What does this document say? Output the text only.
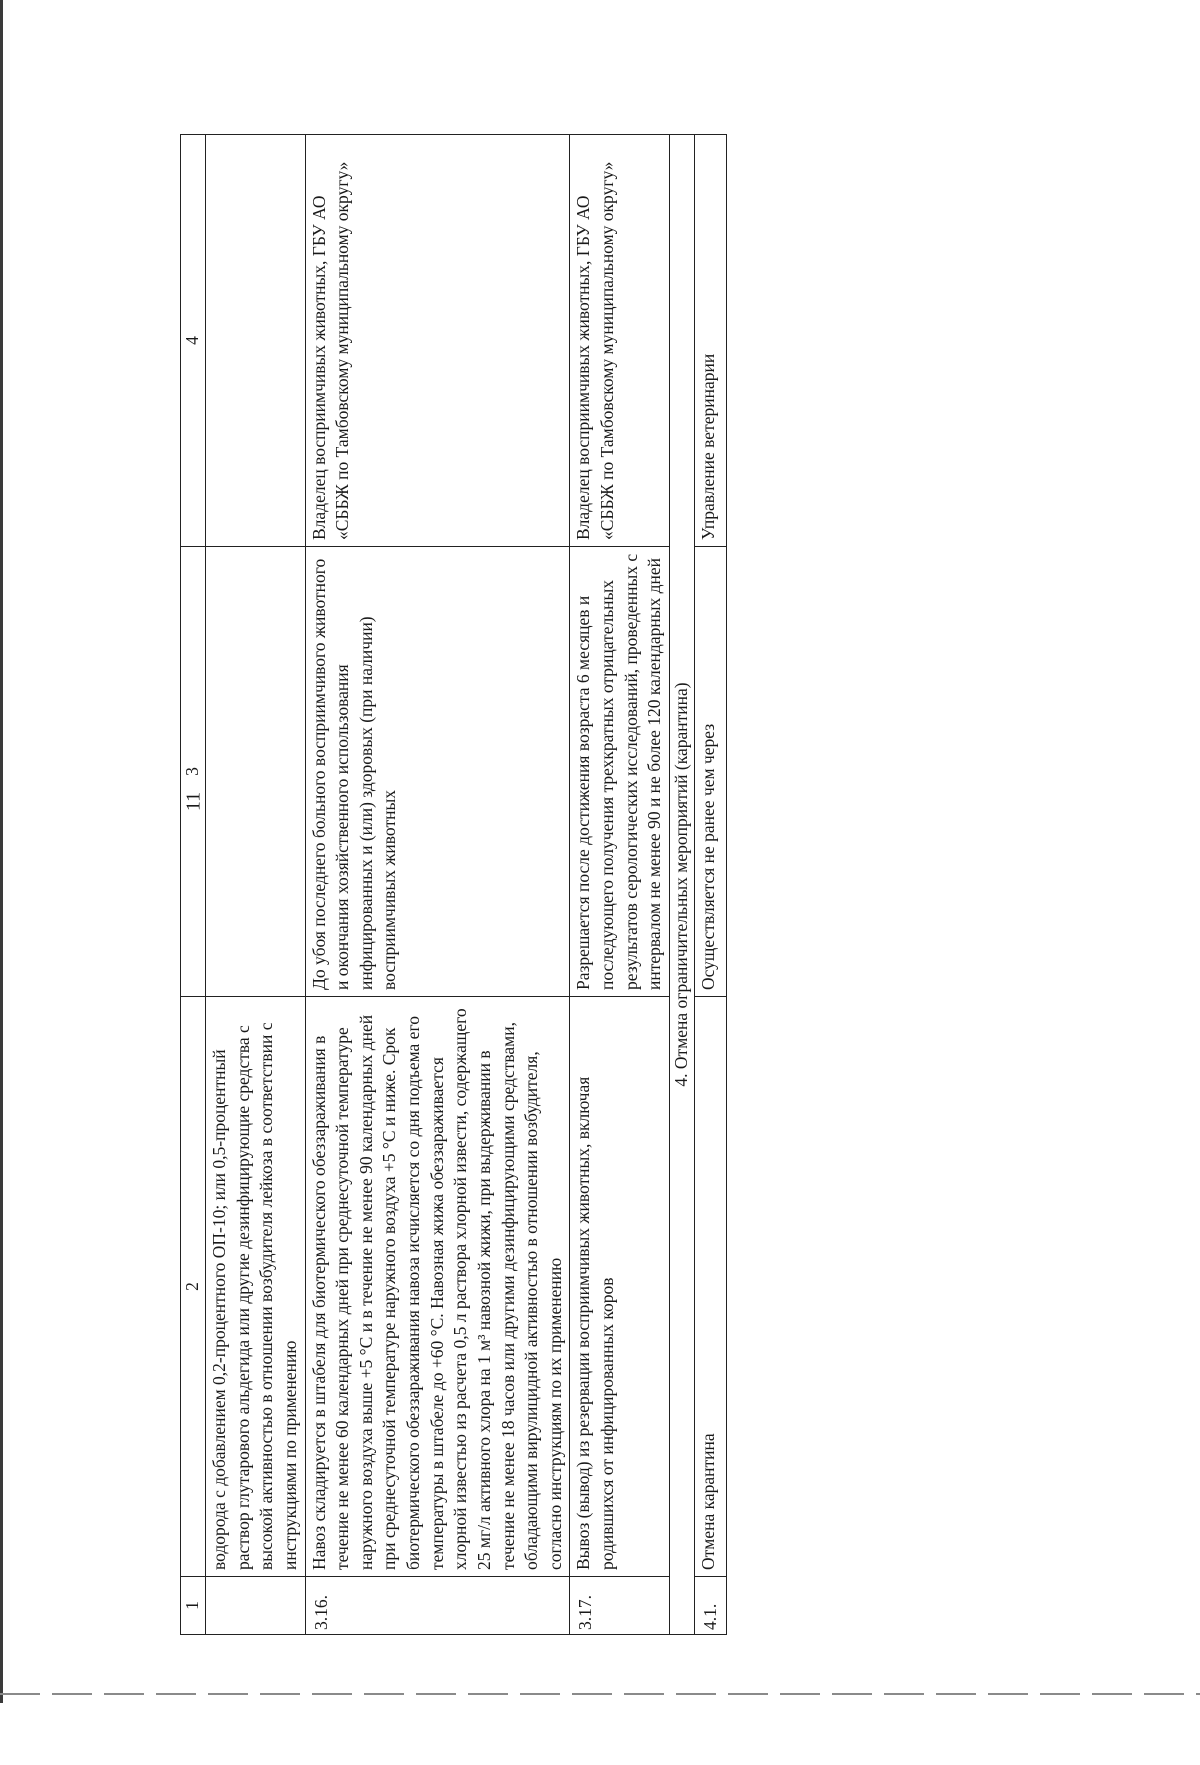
11
1	2	3	4
	водорода с добавлением 0,2-процентного ОП-10; или 0,5-процентный раствор глутарового альдегида или другие дезинфицирующие средства с высокой активностью в отношении возбудителя лейкоза в соответствии с инструкциями по применению		
3.16.	Навоз складируется в штабеля для биотермического обеззараживания в течение не менее 60 календарных дней при среднесуточной температуре наружного воздуха выше +5 °С и в течение не менее 90 календарных дней при среднесуточной температуре наружного воздуха +5 °С и ниже. Срок биотермического обеззараживания навоза исчисляется со дня подъема его температуры в штабеле до +60 °С. Навозная жижа обеззараживается хлорной известью из расчета 0,5 л раствора хлорной извести, содержащего 25 мг/л активного хлора на 1 м³ навозной жижи, при выдерживании в течение не менее 18 часов или другими дезинфицирующими средствами, обладающими вирулицидной активностью в отношении возбудителя, согласно инструкциям по их применению	До убоя последнего больного восприимчивого животного и окончания хозяйственного использования инфицированных и (или) здоровых (при наличии) восприимчивых животных	Владелец восприимчивых животных, ГБУ АО «СББЖ по Тамбовскому муниципальному округу»
3.17.	Вывоз (вывод) из резервации восприимчивых животных, включая родившихся от инфицированных коров	Разрешается после достижения возраста 6 месяцев и последующего получения трехкратных отрицательных результатов серологических исследований, проведенных с интервалом не менее 90 и не более 120 календарных дней	Владелец восприимчивых животных, ГБУ АО «СББЖ по Тамбовскому муниципальному округу»
4. Отмена ограничительных мероприятий (карантина)			
4.1.	Отмена карантина	Осуществляется не ранее чем через	Управление ветеринарии
